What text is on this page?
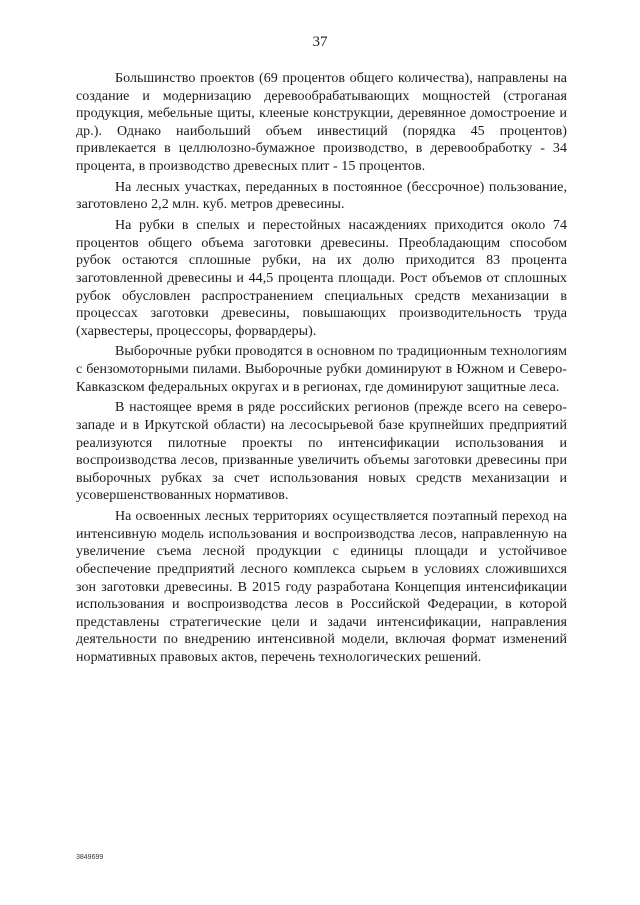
37

Большинство проектов (69 процентов общего количества), направлены на создание и модернизацию деревообрабатывающих мощностей (строганая продукция, мебельные щиты, клееные конструкции, деревянное домостроение и др.). Однако наибольший объем инвестиций (порядка 45 процентов) привлекается в целлюлозно-бумажное производство, в деревообработку - 34 процента, в производство древесных плит - 15 процентов.

На лесных участках, переданных в постоянное (бессрочное) пользование, заготовлено 2,2 млн. куб. метров древесины.

На рубки в спелых и перестойных насаждениях приходится около 74 процентов общего объема заготовки древесины. Преобладающим способом рубок остаются сплошные рубки, на их долю приходится 83 процента заготовленной древесины и 44,5 процента площади. Рост объемов от сплошных рубок обусловлен распространением специальных средств механизации в процессах заготовки древесины, повышающих производительность труда (харвестеры, процессоры, форвардеры).

Выборочные рубки проводятся в основном по традиционным технологиям с бензомоторными пилами. Выборочные рубки доминируют в Южном и Северо-Кавказском федеральных округах и в регионах, где доминируют защитные леса.

В настоящее время в ряде российских регионов (прежде всего на северо-западе и в Иркутской области) на лесосырьевой базе крупнейших предприятий реализуются пилотные проекты по интенсификации использования и воспроизводства лесов, призванные увеличить объемы заготовки древесины при выборочных рубках за счет использования новых средств механизации и усовершенствованных нормативов.

На освоенных лесных территориях осуществляется поэтапный переход на интенсивную модель использования и воспроизводства лесов, направленную на увеличение съема лесной продукции с единицы площади и устойчивое обеспечение предприятий лесного комплекса сырьем в условиях сложившихся зон заготовки древесины. В 2015 году разработана Концепция интенсификации использования и воспроизводства лесов в Российской Федерации, в которой представлены стратегические цели и задачи интенсификации, направления деятельности по внедрению интенсивной модели, включая формат изменений нормативных правовых актов, перечень технологических решений.

3849699
